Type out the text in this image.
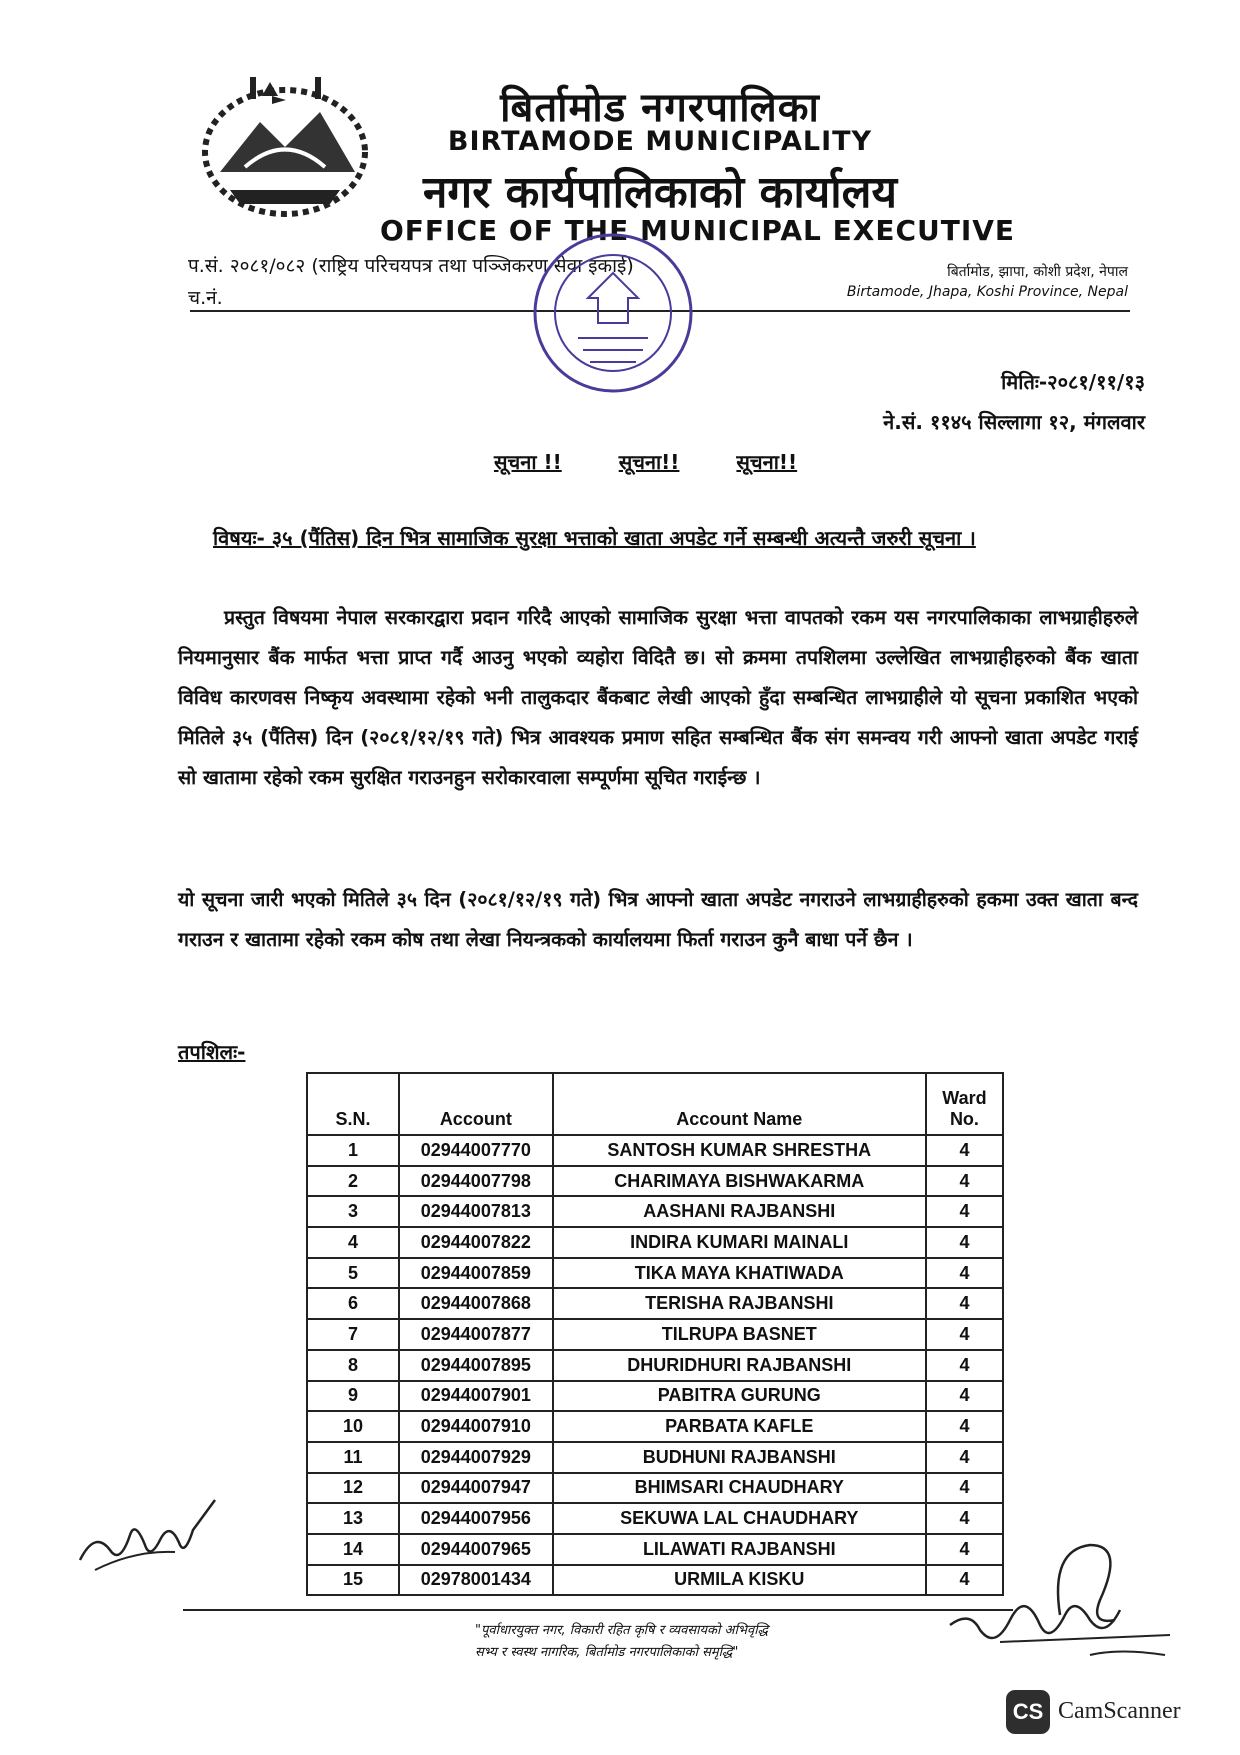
बिर्तामोड नगरपालिका
BIRTAMODE MUNICIPALITY
नगर कार्यपालिकाको कार्यालय
OFFICE OF THE MUNICIPAL EXECUTIVE
प.सं. २०८१/०८२ (राष्ट्रिय परिचयपत्र तथा पञ्जिकरण सेवा इकाई)
च.नं.
बिर्तामोड, झापा, कोशी प्रदेश, नेपाल
Birtamode, Jhapa, Koshi Province, Nepal
मितिः-२०८१/११/१३
ने.सं. ११४५ सिल्लागा १२, मंगलवार
सूचना !!	सूचना!!	सूचना!!
विषयः- ३५ (पैंतिस) दिन भित्र सामाजिक सुरक्षा भत्ताको खाता अपडेट गर्ने सम्बन्धी अत्यन्तै जरुरी सूचना ।
प्रस्तुत विषयमा नेपाल सरकारद्वारा प्रदान गरिदै आएको सामाजिक सुरक्षा भत्ता वापतको रकम यस नगरपालिकाका लाभग्राहीहरुले नियमानुसार बैंक मार्फत भत्ता प्राप्त गर्दै आउनु भएको व्यहोरा विदितै छ। सो क्रममा तपशिलमा उल्लेखित लाभग्राहीहरुको बैंक खाता विविध कारणवस निष्कृय अवस्थामा रहेको भनी तालुकदार बैंकबाट लेखी आएको हुँदा सम्बन्धित लाभग्राहीले यो सूचना प्रकाशित भएको मितिले ३५ (पैंतिस) दिन (२०८१/१२/१९ गते) भित्र आवश्यक प्रमाण सहित सम्बन्धित बैंक संग समन्वय गरी आफ्नो खाता अपडेट गराई सो खातामा रहेको रकम सुरक्षित गराउनहुन सरोकारवाला सम्पूर्णमा सूचित गराईन्छ ।
यो सूचना जारी भएको मितिले ३५ दिन (२०८१/१२/१९ गते) भित्र आफ्नो खाता अपडेट नगराउने लाभग्राहीहरुको हकमा उक्त खाता बन्द गराउन र खातामा रहेको रकम कोष तथा लेखा नियन्त्रकको कार्यालयमा फिर्ता गराउन कुनै बाधा पर्ने छैन ।
तपशिलः-
S.N.	Account	Account Name	Ward
No.
1	02944007770	SANTOSH KUMAR SHRESTHA	4
2	02944007798	CHARIMAYA BISHWAKARMA	4
3	02944007813	AASHANI RAJBANSHI	4
4	02944007822	INDIRA KUMARI MAINALI	4
5	02944007859	TIKA MAYA KHATIWADA	4
6	02944007868	TERISHA RAJBANSHI	4
7	02944007877	TILRUPA BASNET	4
8	02944007895	DHURIDHURI RAJBANSHI	4
9	02944007901	PABITRA GURUNG	4
10	02944007910	PARBATA KAFLE	4
11	02944007929	BUDHUNI RAJBANSHI	4
12	02944007947	BHIMSARI CHAUDHARY	4
13	02944007956	SEKUWA LAL CHAUDHARY	4
14	02944007965	LILAWATI RAJBANSHI	4
15	02978001434	URMILA KISKU	4
"पूर्वाधारयुक्त नगर, विकारी रहित कृषि र व्यवसायको अभिवृद्धि
सभ्य र स्वस्थ नागरिक, बिर्तामोड नगरपालिकाको समृद्धि"
CS CamScanner
